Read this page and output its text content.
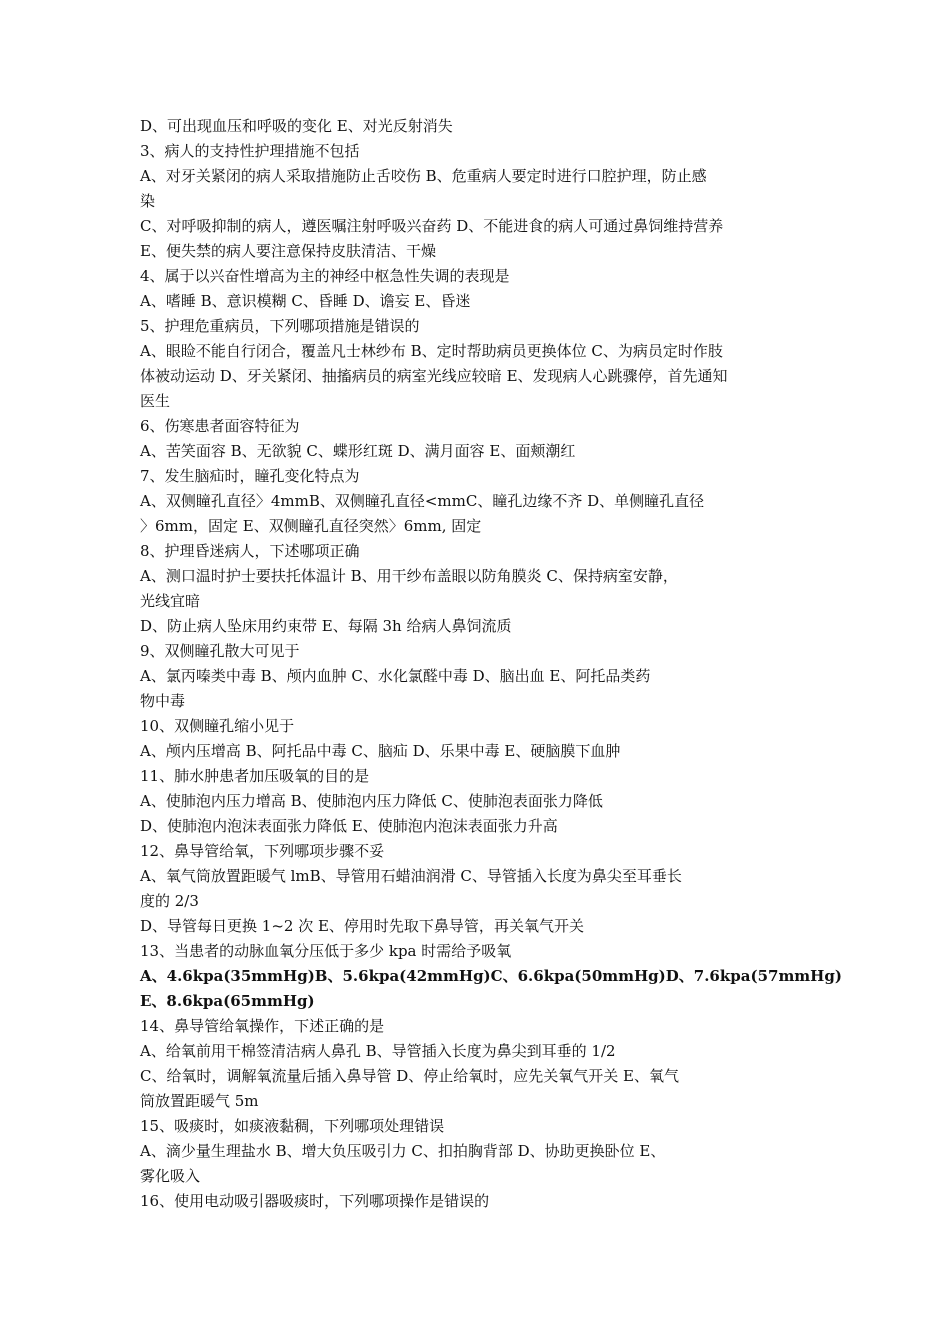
D、可出现血压和呼吸的变化 E、对光反射消失
3、病人的支持性护理措施不包括
A、对牙关紧闭的病人采取措施防止舌咬伤 B、危重病人要定时进行口腔护理，防止感
染
C、对呼吸抑制的病人，遵医嘱注射呼吸兴奋药 D、不能进食的病人可通过鼻饲维持营养
E、便失禁的病人要注意保持皮肤清洁、干燥
4、属于以兴奋性增高为主的神经中枢急性失调的表现是
A、嗜睡 B、意识模糊 C、昏睡 D、谵妄 E、昏迷
5、护理危重病员，下列哪项措施是错误的
A、眼睑不能自行闭合，覆盖凡士林纱布 B、定时帮助病员更换体位 C、为病员定时作肢
体被动运动 D、牙关紧闭、抽搐病员的病室光线应较暗 E、发现病人心跳骤停，首先通知
医生
6、伤寒患者面容特征为
A、苦笑面容 B、无欲貌 C、蝶形红斑 D、满月面容 E、面颊潮红
7、发生脑疝时，瞳孔变化特点为
A、双侧瞳孔直径〉4mmB、双侧瞳孔直径<mmC、瞳孔边缘不齐 D、单侧瞳孔直径
〉6mm，固定 E、双侧瞳孔直径突然〉6mm, 固定
8、护理昏迷病人，下述哪项正确
A、测口温时护士要扶托体温计 B、用干纱布盖眼以防角膜炎 C、保持病室安静，
光线宜暗
D、防止病人坠床用约束带 E、每隔 3h 给病人鼻饲流质
9、双侧瞳孔散大可见于
A、氯丙嗪类中毒 B、颅内血肿 C、水化氯醛中毒 D、脑出血 E、阿托品类药
物中毒
10、双侧瞳孔缩小见于
A、颅内压增高 B、阿托品中毒 C、脑疝 D、乐果中毒 E、硬脑膜下血肿
11、肺水肿患者加压吸氧的目的是
A、使肺泡内压力增高 B、使肺泡内压力降低 C、使肺泡表面张力降低
D、使肺泡内泡沫表面张力降低 E、使肺泡内泡沫表面张力升高
12、鼻导管给氧，下列哪项步骤不妥
A、氧气筒放置距暖气 lmB、导管用石蜡油润滑 C、导管插入长度为鼻尖至耳垂长
度的 2/3
D、导管每日更换 1~2 次 E、停用时先取下鼻导管，再关氧气开关
13、当患者的动脉血氧分压低于多少 kpa 时需给予吸氧
A、4.6kpa(35mmHg)B、5.6kpa(42mmHg)C、6.6kpa(50mmHg)D、7.6kpa(57mmHg)
E、8.6kpa(65mmHg)
14、鼻导管给氧操作，下述正确的是
A、给氧前用干棉签清洁病人鼻孔 B、导管插入长度为鼻尖到耳垂的 1/2
C、给氧时，调解氧流量后插入鼻导管 D、停止给氧时，应先关氧气开关 E、氧气
筒放置距暖气 5m
15、吸痰时，如痰液黏稠，下列哪项处理错误
A、滴少量生理盐水 B、增大负压吸引力 C、扣拍胸背部 D、协助更换卧位 E、
雾化吸入
16、使用电动吸引器吸痰时，下列哪项操作是错误的
